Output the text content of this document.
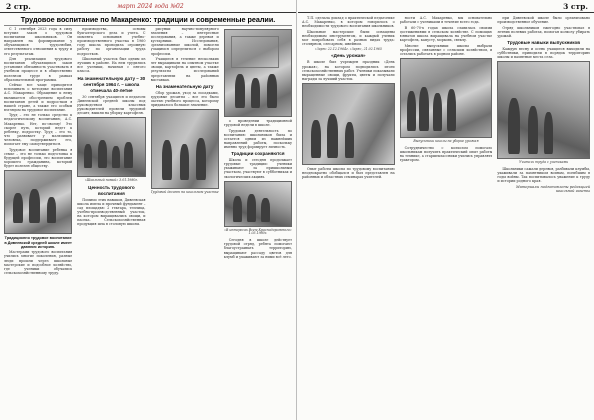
2 стр.	март 2024 года №02
Трудовое воспитание по Макаренко: традиции и современные реалии.

С 1 сентября 2023 года в силу вступил закон о трудовом воспитании школьников. Он направлен на формирование у обучающихся трудолюбия, ответственного отношения к труду и его результатам.

Для реализации трудового воспитания обучающихся закон установил обязанность участвовать в учебном процессе и в общественно полезном труде в рамках образовательной программы.

Сейчас все чаще приходится вспоминать о методике воспитания А.С. Макаренко. Обращение к нему вызывается обострением проблем воспитания детей и подростков в нашей стране, а также его особым взглядом на трудовое воспитание.

Труд – это не только средство к педагогическому воспитанию, А.С. Макаренко. Нет, по-своему! Это скорее путь, который ведет к ребенку, подростку. Труд – это то, что развивает у мальчишек человека, поддерживает его, помогает ему самоутвердиться.

Трудовое воспитание ребенка в семье – это не только подготовка к будущей профессии, это воспитание хорошего гражданина, который будет полезен обществу.

Традиционно трудовое воспитание в Дивеевской средней школе имеет давнюю историю.

Мастерами трудового воспитания учились многие поколения, разные люди прошли через школьные мастерские и подсобное хозяйство, где ученики обучались сельскохозяйственному труду.

производства, основы бухгалтерского дела и учета. С момента основания учебно-производственного участка в 1960 году школа проводила огромную работу по организации труда подростков.

Школьный участок был одним из лучших в районе. На нем трудились все ученики, начиная с пятого класса.

На знаменательную дату – 30 сентября 1964 г. – школа отмечала 40-летие

30 сентября учащиеся и педагоги Дивеевской средней школы под руководством классных руководителей провели трудовой десант, вышли на уборку картофеля.

«Школьный новый» 3.01.1980г.
Ценность трудового воспитания

Помимо этих навыков, Дивеевская школа имела и прочный фундамент – сад площадью 2 гектара, теплица, учебно-производственный участок, на котором выращивались овощи, и пасека. Сельскохозяйственная продукция шла в столовую школы.

рисунки научно-популярного значения – интересные исследования, а также деревья и кустарники. Исследования, организованные школой, помогли учащимся определиться с выбором профессии.

Учащиеся в течение нескольких лет выращивали на опытном участке овощи, картофель и цветы, а также результаты исследований представляли на районных выставках.

На знаменательную дату

Сбор урожая, уход за посадками, трудовые десанты – все это было частью учебного процесса, которому придавалось большое значение.

Трудовой десант на школьном участке

о проведении традиционной трудовой недели в школе.

Трудовая деятельность по воспитанию школьников была и остается одним из важнейших направлений работы, поскольку именно труд формирует личность.

Традиции сохраняются

Школа и сегодня продолжает трудовые традиции: ученики ухаживают за пришкольным участком, участвуют в субботниках и экологических акциях.

«В интересах Всем Краснодорожного» 1.03.1980г.

Сегодня в школе действует трудовой отряд, ребята помогают благоустраивать территорию, выращивают рассаду цветов для клумб и ухаживают за ними всё лето.

3 стр.

Т.П. сделала доклад о практической педагогике А.С. Макаренко, в котором говорилось о необходимости трудового воспитания школьников.

Школьные мастерские были оснащены необходимым инструментом, и каждый ученик мог попробовать себя в разных видах труда: столярном, слесарном, швейном.

«Заря» 22.12.1964г. «Заря», 21.02.1965
«День урожая»

В школе был учрежден праздник «День урожая», на котором подводились итоги сельскохозяйственных работ. Ученики показывали выращенные овощи, фрукты, цветы и получали награды за лучший участок.

Опыт работы школы по трудовому воспитанию неоднократно обобщался и был представлен на районных и областных семинарах учителей.

ности А.С. Макаренко, мы основательно работали с учениками в течение всего года.

В 60-70-х годах школа славилась своими достижениями в сельском хозяйстве. С помощью юннатов школа выращивала на учебном участке картофель, капусту, морковь, свеклу.

Многие выпускники школы выбрали профессии, связанные с сельским хозяйством, и остались работать в родном районе.

Выпускники школы на уборке урожая

Сотрудничество с колхозом помогало школьникам получить практический опыт работы на технике, а старшеклассники учились управлять трактором.

при Дивеевской школе было организовано производственное обучение.

Отряд школьников ежегодно участвовал в летних полевых работах, помогая колхозу убирать урожай.

Трудовые навыки выпускников

Каждую весну и осень учащиеся выходили на субботники, приводили в порядок территорию школы и памятные места села.

Учитель труда с учениками

Школьники сажали деревья, разбивали клумбы, ухаживали за памятником воинам, погибшим в годы войны. Так воспитывалось уважение к труду и истории родного края.

Материалы подготовлены редакцией школьной газеты
